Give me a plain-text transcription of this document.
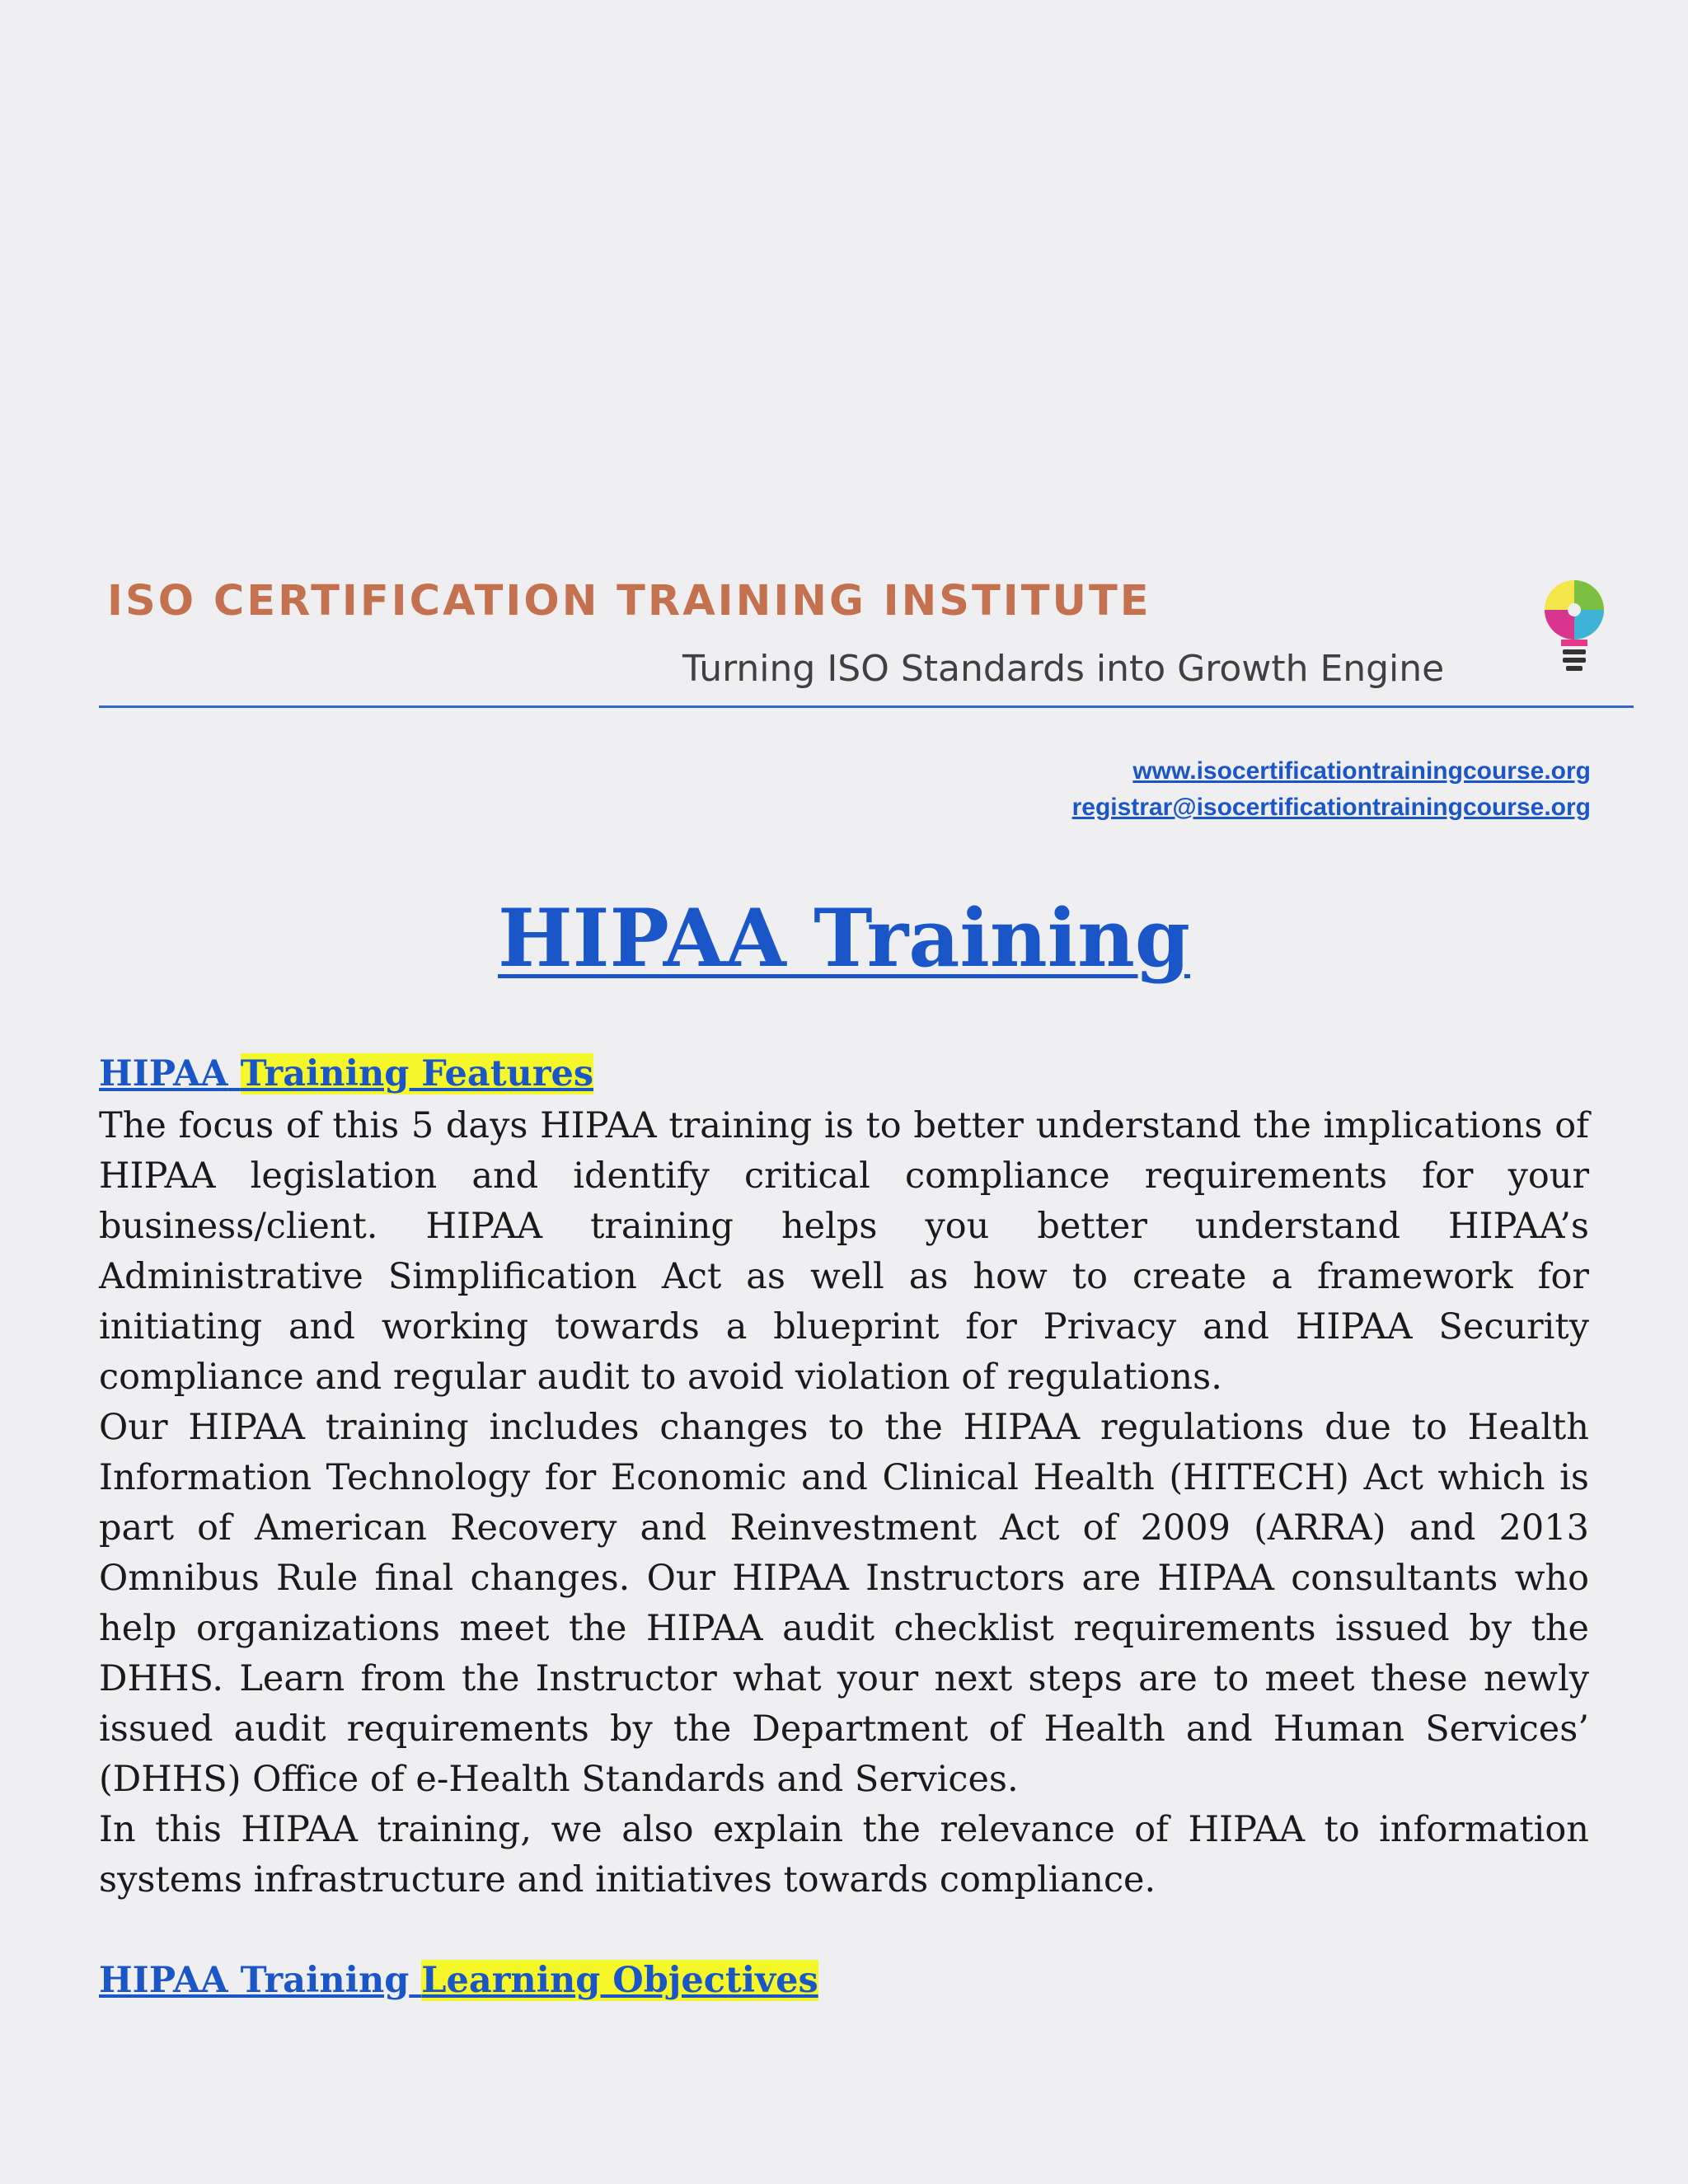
ISO CERTIFICATION TRAINING INSTITUTE
Turning ISO Standards into Growth Engine
www.isocertificationtrainingcourse.org
registrar@isocertificationtrainingcourse.org
HIPAA Training
HIPAA Training Features

The focus of this 5 days HIPAA training is to better understand the implications of HIPAA legislation and identify critical compliance requirements for your business/client. HIPAA training helps you better understand HIPAA’s Administrative Simplification Act as well as how to create a framework for initiating and working towards a blueprint for Privacy and HIPAA Security compliance and regular audit to avoid violation of regulations.

Our HIPAA training includes changes to the HIPAA regulations due to Health Information Technology for Economic and Clinical Health (HITECH) Act which is part of American Recovery and Reinvestment Act of 2009 (ARRA) and 2013 Omnibus Rule final changes. Our HIPAA Instructors are HIPAA consultants who help organizations meet the HIPAA audit checklist requirements issued by the DHHS. Learn from the Instructor what your next steps are to meet these newly issued audit requirements by the Department of Health and Human Services’ (DHHS) Office of e-Health Standards and Services.

In this HIPAA training, we also explain the relevance of HIPAA to information systems infrastructure and initiatives towards compliance.

HIPAA Training Learning Objectives
